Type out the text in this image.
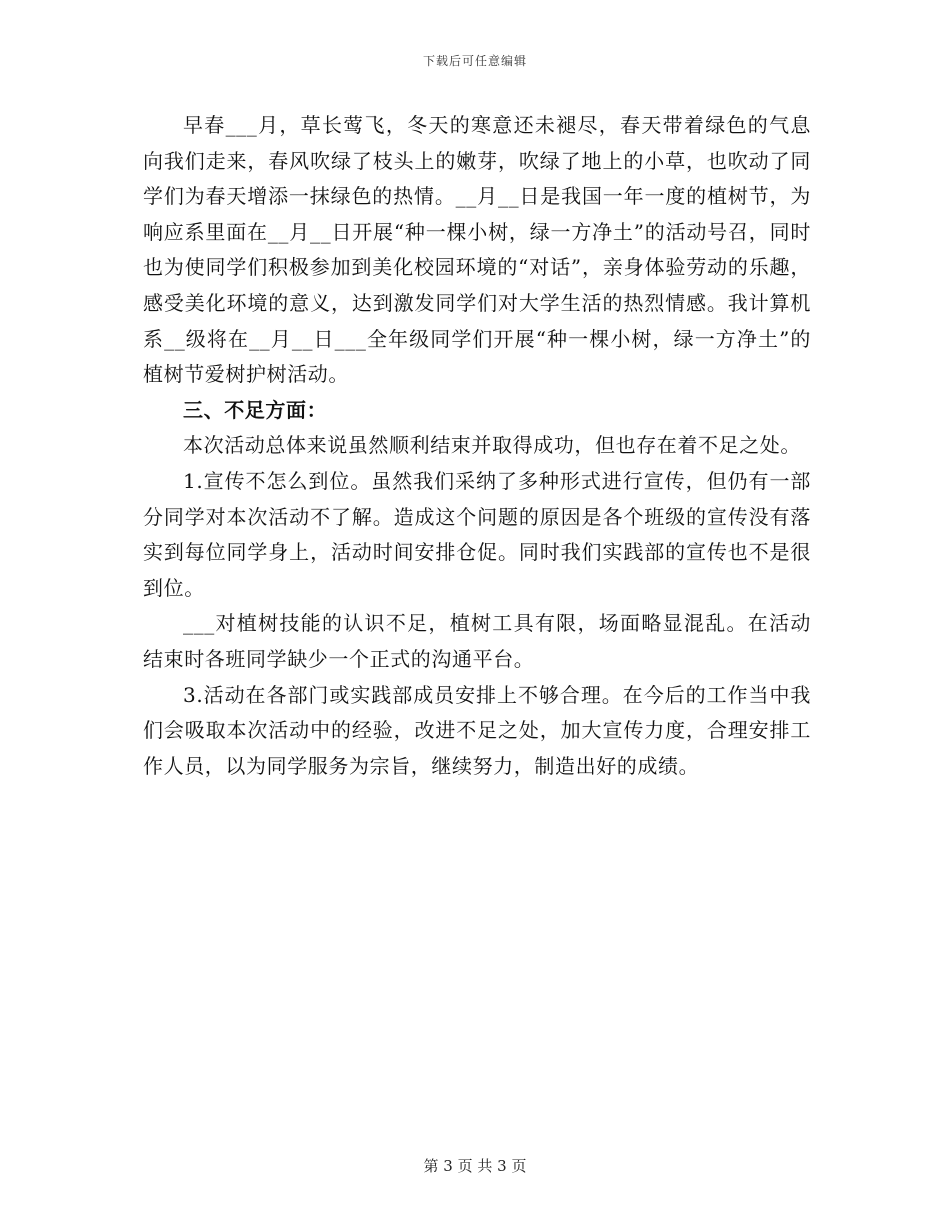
下载后可任意编辑

早春___月，草长莺飞，冬天的寒意还未褪尽，春天带着绿色的气息向我们走来，春风吹绿了枝头上的嫩芽，吹绿了地上的小草，也吹动了同学们为春天增添一抹绿色的热情。__月__日是我国一年一度的植树节，为响应系里面在__月__日开展“种一棵小树，绿一方净土”的活动号召，同时也为使同学们积极参加到美化校园环境的“对话”，亲身体验劳动的乐趣，感受美化环境的意义，达到激发同学们对大学生活的热烈情感。我计算机系__级将在__月__日___全年级同学们开展“种一棵小树，绿一方净土”的植树节爱树护树活动。

三、不足方面：

本次活动总体来说虽然顺利结束并取得成功，但也存在着不足之处。

1.宣传不怎么到位。虽然我们采纳了多种形式进行宣传，但仍有一部分同学对本次活动不了解。造成这个问题的原因是各个班级的宣传没有落实到每位同学身上，活动时间安排仓促。同时我们实践部的宣传也不是很到位。

___对植树技能的认识不足，植树工具有限，场面略显混乱。在活动结束时各班同学缺少一个正式的沟通平台。

3.活动在各部门或实践部成员安排上不够合理。在今后的工作当中我们会吸取本次活动中的经验，改进不足之处，加大宣传力度，合理安排工作人员，以为同学服务为宗旨，继续努力，制造出好的成绩。

第 3 页 共 3 页
